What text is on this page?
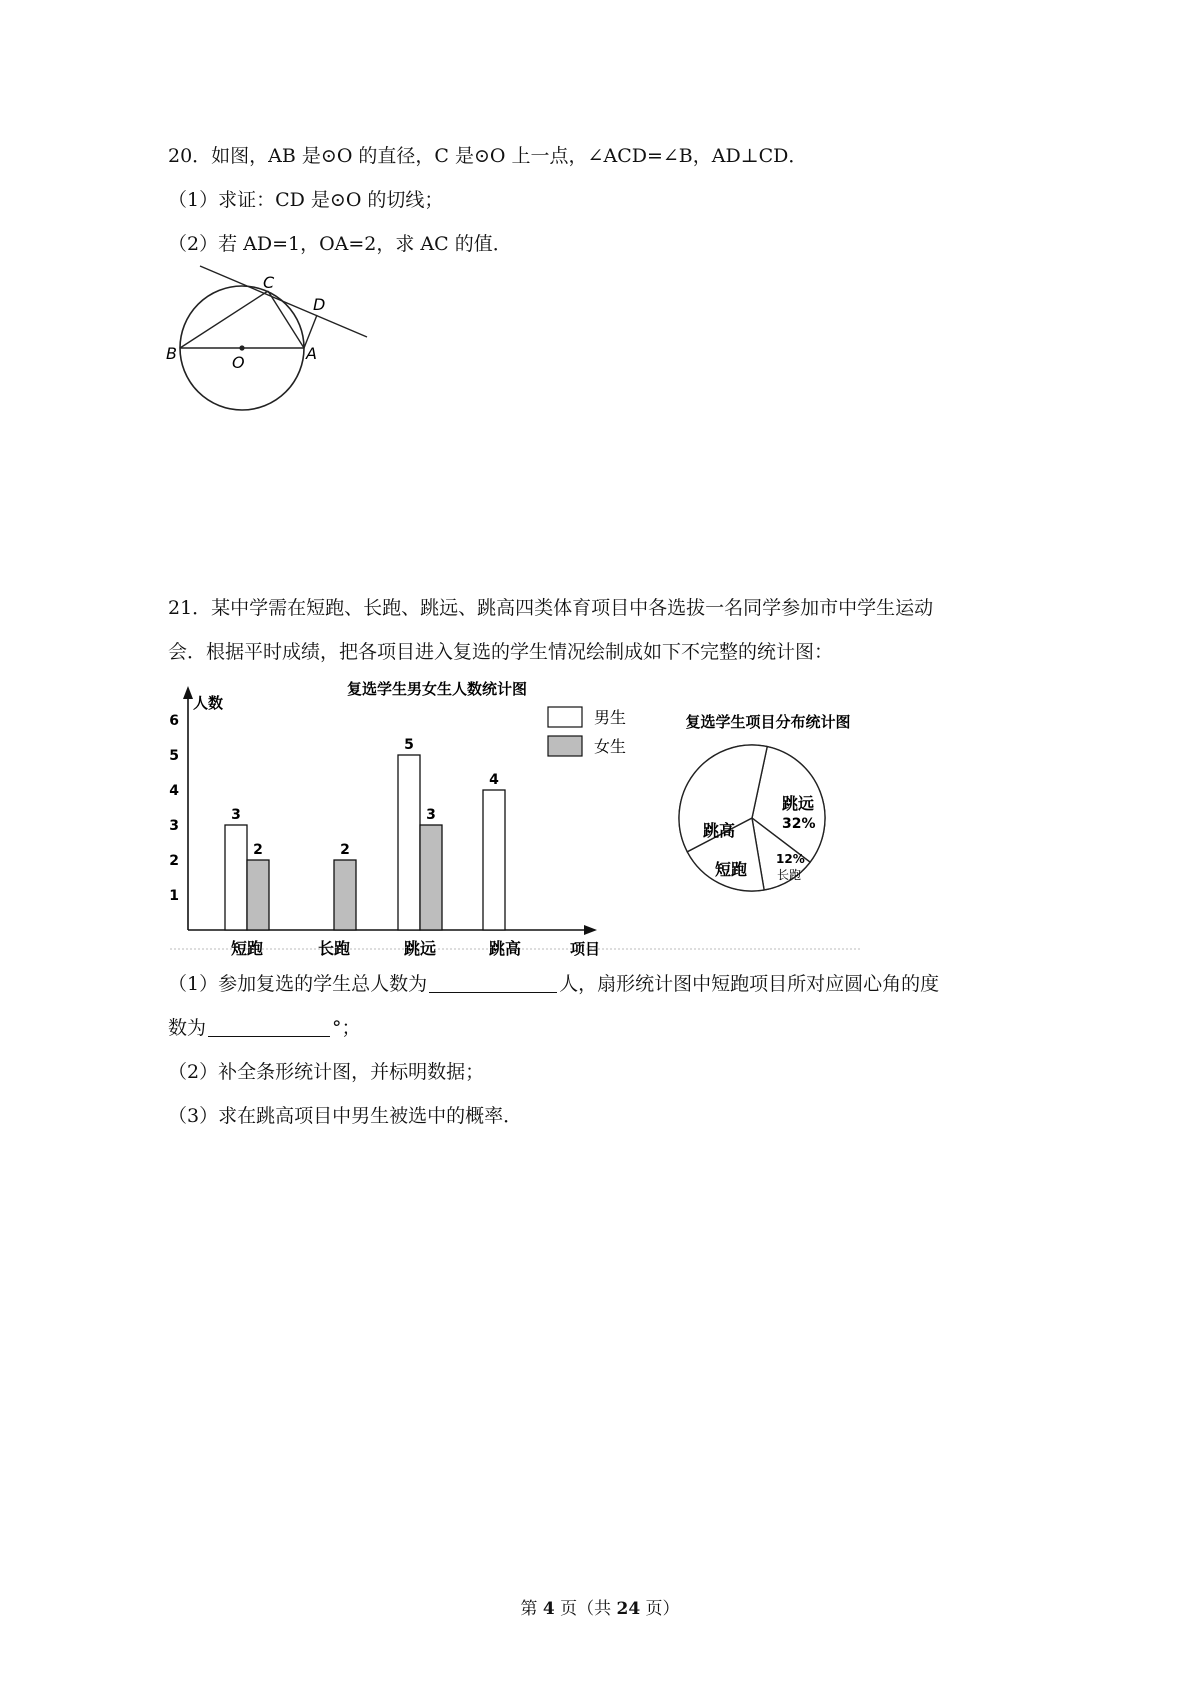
20．如图，AB 是⊙O 的直径，C 是⊙O 上一点，∠ACD=∠B，AD⊥CD．
（1）求证：CD 是⊙O 的切线；
（2）若 AD=1，OA=2，求 AC 的值．
B	O	A
C
D
21．某中学需在短跑、长跑、跳远、跳高四类体育项目中各选拔一名同学参加市中学生运动
会．根据平时成绩，把各项目进入复选的学生情况绘制成如下不完整的统计图：
复选学生男女生人数统计图
人数
项目
1
2
3
4
5
6
短跑	长跑	跳远	跳高
3
2	2
5
3
4
男生
女生
复选学生项目分布统计图
跳远
32%
12%
长跑
短跑
跳高
（1）参加复选的学生总人数为	人，扇形统计图中短跑项目所对应圆心角的度
数为	°；
（2）补全条形统计图，并标明数据；
（3）求在跳高项目中男生被选中的概率．
第 4 页（共 24 页）
